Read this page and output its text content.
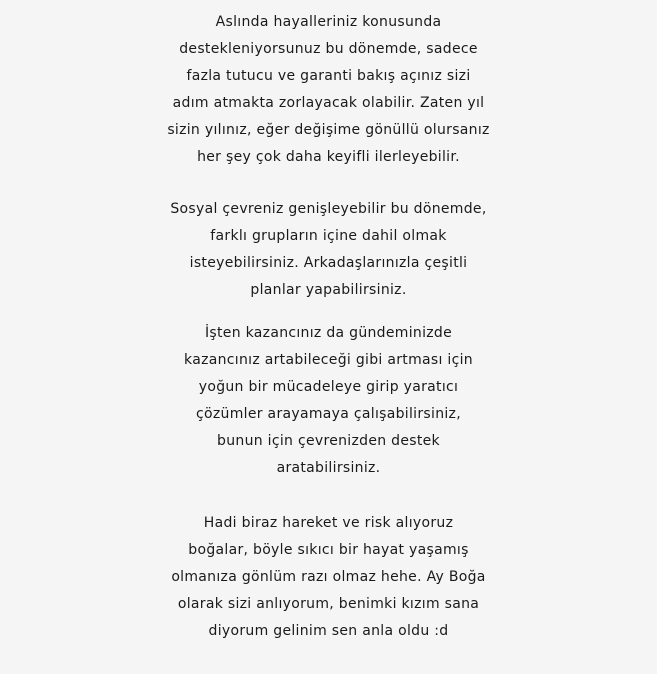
Aslında hayalleriniz konusunda
destekleniyorsunuz bu dönemde, sadece
fazla tutucu ve garanti bakış açınız sizi
adım atmakta zorlayacak olabilir. Zaten yıl
sizin yılınız, eğer değişime gönüllü olursanız
her şey çok daha keyifli ilerleyebilir.
Sosyal çevreniz genişleyebilir bu dönemde,
farklı grupların içine dahil olmak
isteyebilirsiniz. Arkadaşlarınızla çeşitli
planlar yapabilirsiniz.
İşten kazancınız da gündeminizde
kazancınız artabileceği gibi artması için
yoğun bir mücadeleye girip yaratıcı
çözümler arayamaya çalışabilirsiniz,
bunun için çevrenizden destek
aratabilirsiniz.
Hadi biraz hareket ve risk alıyoruz
boğalar, böyle sıkıcı bir hayat yaşamış
olmanıza gönlüm razı olmaz hehe. Ay Boğa
olarak sizi anlıyorum, benimki kızım sana
diyorum gelinim sen anla oldu :d
